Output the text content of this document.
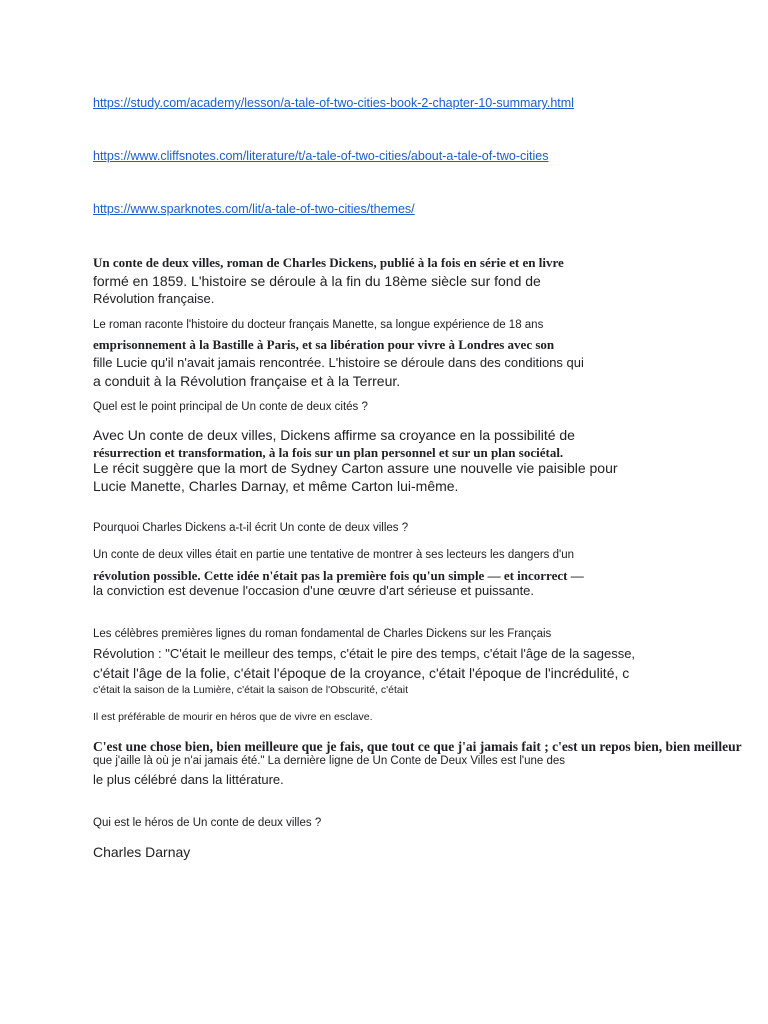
https://study.com/academy/lesson/a-tale-of-two-cities-book-2-chapter-10-summary.html
https://www.cliffsnotes.com/literature/t/a-tale-of-two-cities/about-a-tale-of-two-cities
https://www.sparknotes.com/lit/a-tale-of-two-cities/themes/
Un conte de deux villes, roman de Charles Dickens, publié à la fois en série et en livre
formé en 1859. L'histoire se déroule à la fin du 18ème siècle sur fond de
Révolution française.
Le roman raconte l'histoire du docteur français Manette, sa longue expérience de 18 ans
emprisonnement à la Bastille à Paris, et sa libération pour vivre à Londres avec son
fille Lucie qu'il n'avait jamais rencontrée. L'histoire se déroule dans des conditions qui
a conduit à la Révolution française et à la Terreur.
Quel est le point principal de Un conte de deux cités ?
Avec Un conte de deux villes, Dickens affirme sa croyance en la possibilité de
résurrection et transformation, à la fois sur un plan personnel et sur un plan sociétal.
Le récit suggère que la mort de Sydney Carton assure une nouvelle vie paisible pour
Lucie Manette, Charles Darnay, et même Carton lui-même.
Pourquoi Charles Dickens a-t-il écrit Un conte de deux villes ?
Un conte de deux villes était en partie une tentative de montrer à ses lecteurs les dangers d'un
révolution possible. Cette idée n'était pas la première fois qu'un simple — et incorrect —
la conviction est devenue l'occasion d'une œuvre d'art sérieuse et puissante.
Les célèbres premières lignes du roman fondamental de Charles Dickens sur les Français
Révolution : "C'était le meilleur des temps, c'était le pire des temps, c'était l'âge de la sagesse,
c'était l'âge de la folie, c'était l'époque de la croyance, c'était l'époque de l'incrédulité, c
c'était la saison de la Lumière, c'était la saison de l'Obscurité, c'était
Il est préférable de mourir en héros que de vivre en esclave.
C'est une chose bien, bien meilleure que je fais, que tout ce que j'ai jamais fait ; c'est un repos bien, bien meilleur
que j'aille là où je n'ai jamais été." La dernière ligne de Un Conte de Deux Villes est l'une des
le plus célébré dans la littérature.
Qui est le héros de Un conte de deux villes ?
Charles Darnay
